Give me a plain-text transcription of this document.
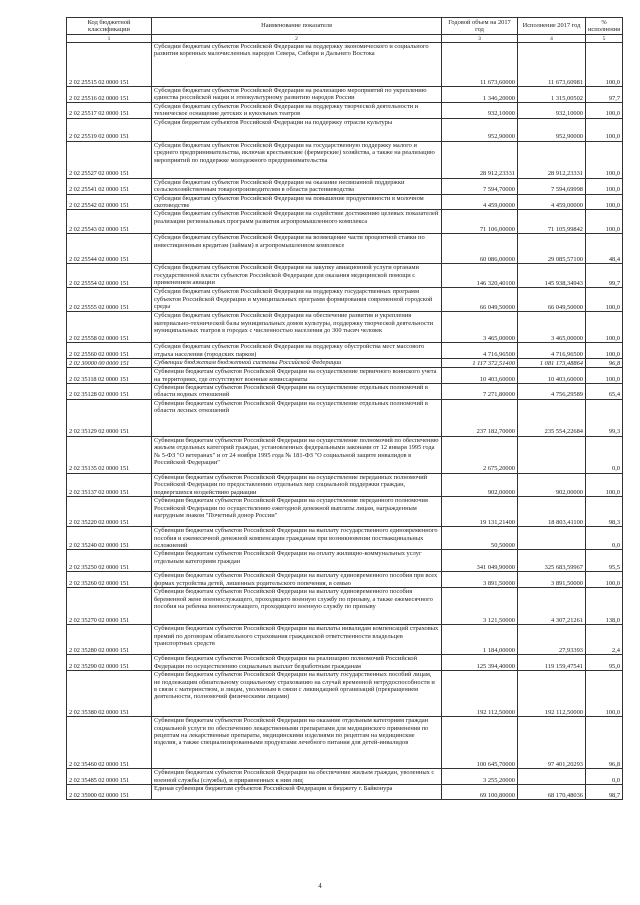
Код бюджетной классификации	Наименование показателя	Годовой объем на 2017 год	Исполнение 2017 год	% исполнения
1	2	3	4	5
2 02 25515 02 0000 151	Субсидии бюджетам субъектов Российской Федерации на поддержку экономического и социального развития коренных малочисленных народов Севера, Сибири и Дальнего Востока	11 673,60000	11 673,60981	100,0
2 02 25516 02 0000 151	Субсидии бюджетам субъектов Российской Федерации на реализацию мероприятий по укреплению единства российской нации и этнокультурному развитию народов России	1 346,20000	1 315,00502	97,7
2 02 25517 02 0000 151	Субсидии бюджетам субъектов Российской Федерации на поддержку творческой деятельности и техническое оснащение детских и кукольных театров	932,10000	932,10000	100,0
2 02 25519 02 0000 151	Субсидия бюджетам субъектов Российской Федерации на поддержку отрасли культуры	952,90000	952,90000	100,0
2 02 25527 02 0000 151	Субсидии бюджетам субъектов Российской Федерации на государственную поддержку малого и среднего предпринимательства, включая крестьянские (фермерские) хозяйства, а также на реализацию мероприятий по поддержке молодежного предпринимательства	28 912,23331	28 912,23331	100,0
2 02 25541 02 0000 151	Субсидии бюджетам субъектов Российской Федерации на оказание несвязанной поддержки сельскохозяйственным товаропроизводителям в области растениеводства	7 594,70000	7 594,69998	100,0
2 02 25542 02 0000 151	Субсидии бюджетам субъектов Российской Федерации на повышение продуктивности в молочном скотоводстве	4 459,00000	4 459,00000	100,0
2 02 25543 02 0000 151	Субсидии бюджетам субъектов Российской Федерации на содействие достижению целевых показателей реализации региональных программ развития агропромышленного комплекса	71 106,00000	71 105,99842	100,0
2 02 25544 02 0000 151	Субсидии бюджетам субъектов Российской Федерации на возмещение части процентной ставки по инвестиционным кредитам (займам) в агропромышленном комплексе	60 086,00000	29 085,57100	48,4
2 02 25554 02 0000 151	Субсидии бюджетам субъектов Российской Федерации на закупку авиационной услуги органами государственной власти субъектов Российской Федерации для оказания медицинской помощи с применением авиации	146 320,40100	145 938,34943	99,7
2 02 25555 02 0000 151	Субсидии бюджетам субъектов Российской Федерации на поддержку государственных программ субъектов Российской Федерации и муниципальных программ формирования современной городской среды	66 049,50000	66 049,50000	100,0
2 02 25558 02 0000 151	Субсидии бюджетам субъектов Российской Федерации на обеспечение развития и укрепления материально-технической базы муниципальных домов культуры, поддержку творческой деятельности муниципальных театров в городах с численностью населения до 300 тысяч человек	3 465,00000	3 465,00000	100,0
2 02 25560 02 0000 151	Субсидии бюджетам субъектов Российской Федерации на поддержку обустройства мест массового отдыха населения (городских парков)	4 716,96500	4 716,96500	100,0
2 02 30000 00 0000 151	Субвенции бюджетам бюджетной системы Российской Федерации	1 117 372,51400	1 081 173,48864	96,8
2 02 35118 02 0000 151	Субвенции бюджетам субъектов Российской Федерации на осуществление первичного воинского учета на территориях, где отсутствуют военные комиссариаты	10 403,60000	10 403,60000	100,0
2 02 35128 02 0000 151	Субвенции бюджетам субъектов Российской Федерации на осуществление отдельных полномочий в области водных отношений	7 271,80000	4 756,29589	65,4
2 02 35129 02 0000 151	Субвенции бюджетам субъектов Российской Федерации на осуществление отдельных полномочий в области лесных отношений	237 182,70000	235 554,22684	99,3
2 02 35135 02 0000 151	Субвенции бюджетам субъектов Российской Федерации на осуществление полномочий по обеспечению жильем отдельных категорий граждан, установленных федеральными законами от 12 января 1995 года № 5-ФЗ "О ветеранах" и от 24 ноября 1995 года № 181-ФЗ "О социальной защите инвалидов в Российской Федерации"	2 675,20000		0,0
2 02 35137 02 0000 151	Субвенции бюджетам субъектов Российской Федерации на осуществление переданных полномочий Российской Федерации по предоставлению отдельных мер социальной поддержки граждан, подвергшихся воздействию радиации	902,00000	902,00000	100,0
2 02 35220 02 0000 151	Субвенции бюджетам субъектов Российской Федерации на осуществление переданного полномочия Российской Федерации по осуществлению ежегодной денежной выплаты лицам, награжденным нагрудным знаком "Почетный донор России"	19 131,21400	18 803,41100	98,3
2 02 35240 02 0000 151	Субвенции бюджетам субъектов Российской Федерации на выплату государственного единовременного пособия и ежемесячной денежной компенсации гражданам при возникновении поствакцинальных осложнений	50,50000		0,0
2 02 35250 02 0000 151	Субвенции бюджетам субъектов Российской Федерации на оплату жилищно-коммунальных услуг отдельным категориям граждан	341 049,90000	325 683,59967	95,5
2 02 35260 02 0000 151	Субвенции бюджетам субъектов Российской Федерации на выплату единовременного пособия при всех формах устройства детей, лишенных родительского попечения, в семью	3 891,50000	3 891,50000	100,0
2 02 35270 02 0000 151	Субвенции бюджетам субъектов Российской Федерации на выплату единовременного пособия беременной жене военнослужащего, проходящего военную службу по призыву, а также ежемесячного пособия на ребенка военнослужащего, проходящего военную службу по призыву	3 121,50000	4 307,21261	138,0
2 02 35280 02 0000 151	Субвенции бюджетам субъектов Российской Федерации на выплаты инвалидам компенсаций страховых премий по договорам обязательного страхования гражданской ответственности владельцев транспортных средств	1 184,00000	27,93393	2,4
2 02 35290 02 0000 151	Субвенции бюджетам субъектов Российской Федерации на реализацию полномочий Российской Федерации по осуществлению социальных выплат безработным гражданам	125 394,40000	119 159,47541	95,0
2 02 35380 02 0000 151	Субвенции бюджетам субъектов Российской Федерации на выплату государственных пособий лицам, не подлежащим обязательному социальному страхованию на случай временной нетрудоспособности и в связи с материнством, и лицам, уволенным в связи с ликвидацией организаций (прекращением деятельности, полномочий физическими лицами)	192 112,50000	192 112,50000	100,0
2 02 35460 02 0000 151	Субвенции бюджетам субъектов Российской Федерации на оказание отдельным категориям граждан социальной услуги по обеспечению лекарственными препаратами для медицинского применения по рецептам на лекарственные препараты, медицинскими изделиями по рецептам на медицинские изделия, а также специализированными продуктами лечебного питания для детей-инвалидов	100 645,70000	97 401,20293	96,8
2 02 35485 02 0000 151	Субвенции бюджетам субъектов Российской Федерации на обеспечение жильем граждан, уволенных с военной службы (службы), и приравненных к ним лиц	3 255,20000		0,0
2 02 35900 02 0000 151	Единая субвенция бюджетам субъектов Российской Федерации и бюджету г. Байконура	69 100,80000	68 170,48036	98,7
4
